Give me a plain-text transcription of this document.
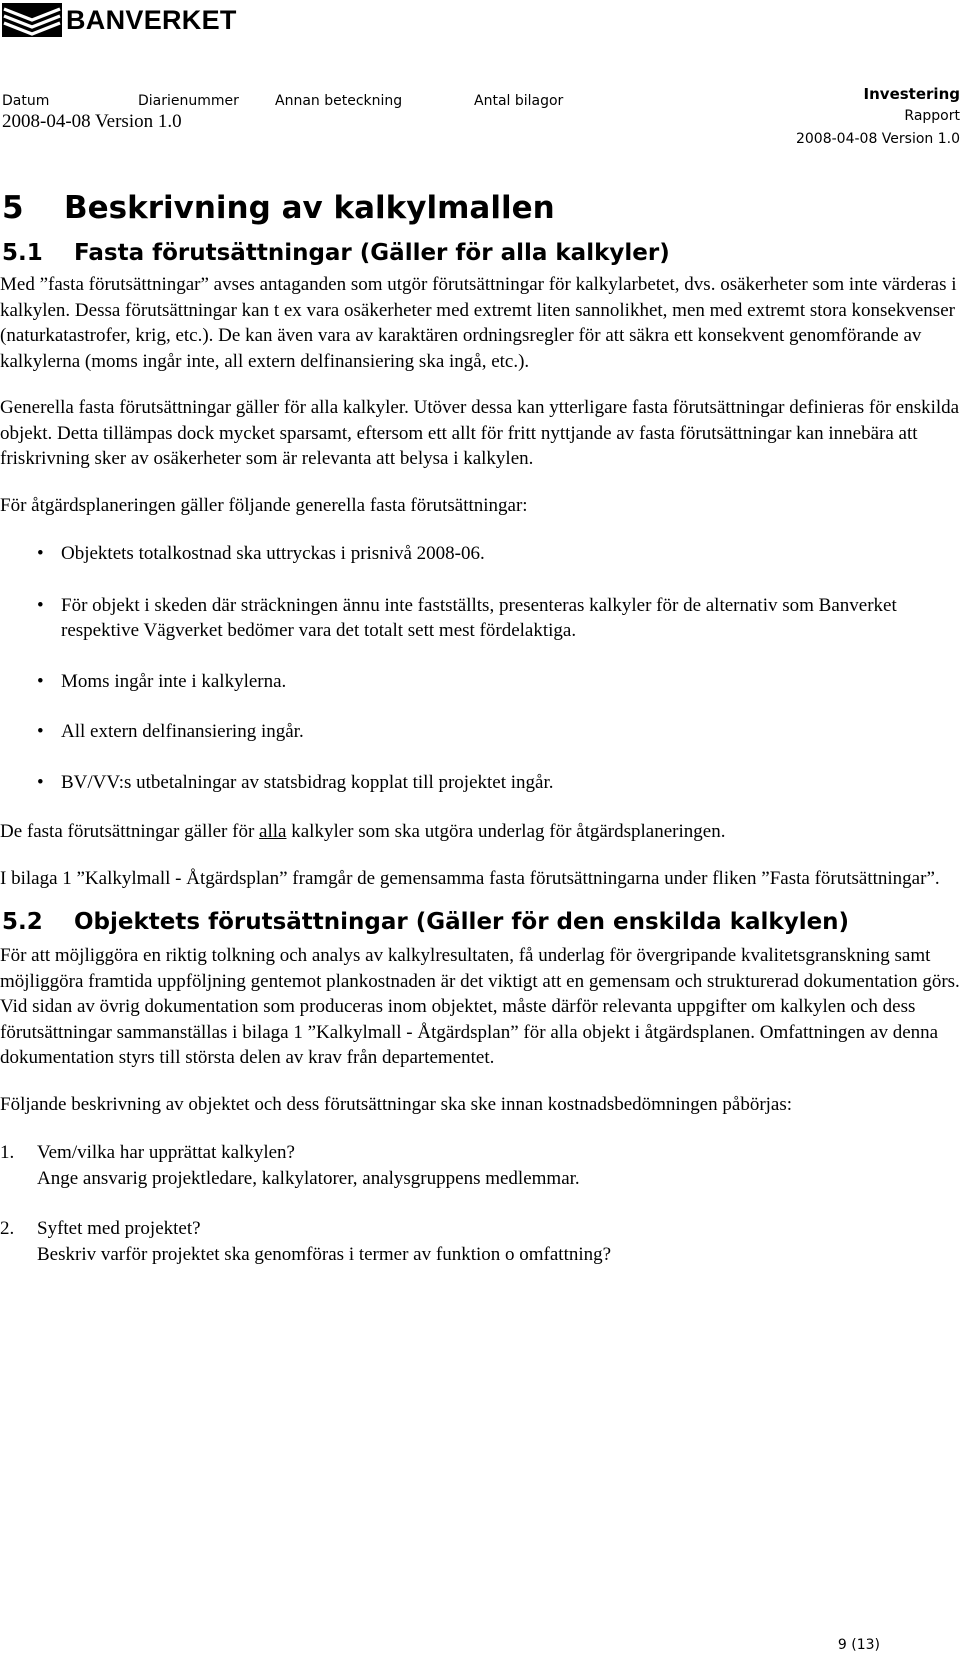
BANVERKET
Datum	Diarienummer	Annan beteckning	Antal bilagor
2008-04-08 Version 1.0
Investering
Rapport
2008-04-08 Version 1.0
5 Beskrivning av kalkylmallen
5.1 Fasta förutsättningar (Gäller för alla kalkyler)

Med ”fasta förutsättningar” avses antaganden som utgör förutsättningar för kalkylarbetet, dvs. osäkerheter som inte värderas i kalkylen. Dessa förutsättningar kan t ex vara osäkerheter med extremt liten sannolikhet, men med extremt stora konsekvenser (naturkatastrofer, krig, etc.). De kan även vara av karaktären ordningsregler för att säkra ett konsekvent genomförande av kalkylerna (moms ingår inte, all extern delfinansiering ska ingå, etc.).

Generella fasta förutsättningar gäller för alla kalkyler. Utöver dessa kan ytterligare fasta förutsättningar definieras för enskilda objekt. Detta tillämpas dock mycket sparsamt, eftersom ett allt för fritt nyttjande av fasta förutsättningar kan innebära att friskrivning sker av osäkerheter som är relevanta att belysa i kalkylen.

För åtgärdsplaneringen gäller följande generella fasta förutsättningar:

• Objektets totalkostnad ska uttryckas i prisnivå 2008-06.
• För objekt i skeden där sträckningen ännu inte fastställts, presenteras kalkyler för de alternativ som Banverket respektive Vägverket bedömer vara det totalt sett mest fördelaktiga.
• Moms ingår inte i kalkylerna.
• All extern delfinansiering ingår.
• BV/VV:s utbetalningar av statsbidrag kopplat till projektet ingår.

De fasta förutsättningar gäller för alla kalkyler som ska utgöra underlag för åtgärdsplaneringen.

I bilaga 1 ”Kalkylmall - Åtgärdsplan” framgår de gemensamma fasta förutsättningarna under fliken ”Fasta förutsättningar”.

5.2 Objektets förutsättningar (Gäller för den enskilda kalkylen)

För att möjliggöra en riktig tolkning och analys av kalkylresultaten, få underlag för övergripande kvalitetsgranskning samt möjliggöra framtida uppföljning gentemot plankostnaden är det viktigt att en gemensam och strukturerad dokumentation görs. Vid sidan av övrig dokumentation som produceras inom objektet, måste därför relevanta uppgifter om kalkylen och dess förutsättningar sammanställas i bilaga 1 ”Kalkylmall - Åtgärdsplan” för alla objekt i åtgärdsplanen. Omfattningen av denna dokumentation styrs till största delen av krav från departementet.

Följande beskrivning av objektet och dess förutsättningar ska ske innan kostnadsbedömningen påbörjas:

1. Vem/vilka har upprättat kalkylen?
Ange ansvarig projektledare, kalkylatorer, analysgruppens medlemmar.
2. Syftet med projektet?
Beskriv varför projektet ska genomföras i termer av funktion o omfattning?
9 (13)
